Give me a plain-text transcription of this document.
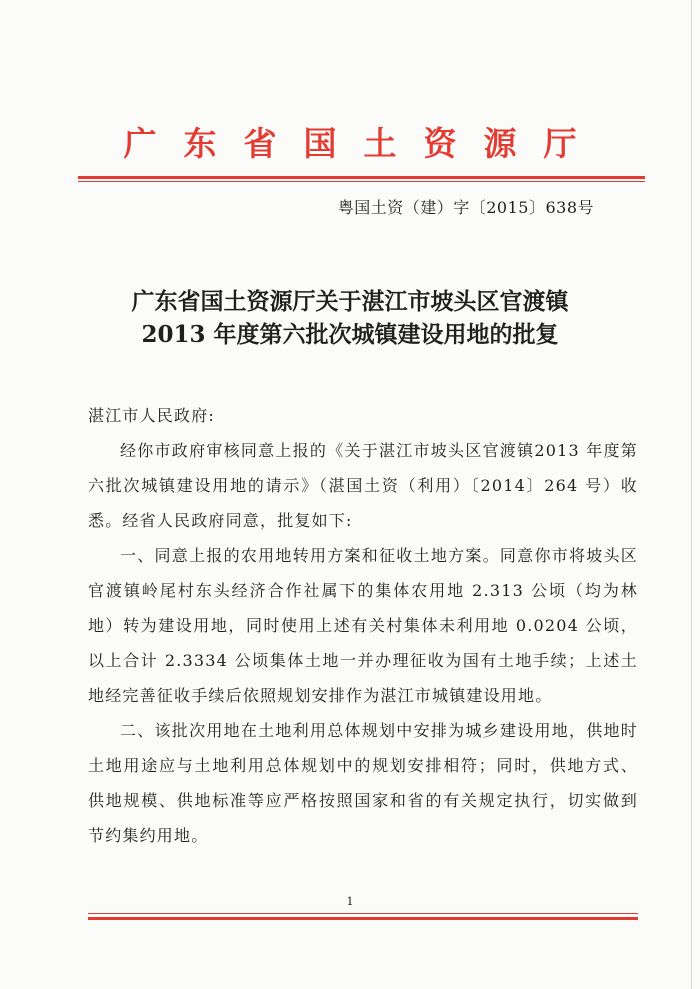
广东省国土资源厅
粤国土资（建）字〔2015〕638号
广东省国土资源厅关于湛江市坡头区官渡镇
2013 年度第六批次城镇建设用地的批复

湛江市人民政府:

经你市政府审核同意上报的《关于湛江市坡头区官渡镇2013 年度第六批次城镇建设用地的请示》（湛国土资（利用）〔2014〕264 号）收悉。经省人民政府同意，批复如下:

一、同意上报的农用地转用方案和征收土地方案。同意你市将坡头区官渡镇岭尾村东头经济合作社属下的集体农用地 2.313 公顷（均为林地）转为建设用地，同时使用上述有关村集体未利用地 0.0204 公顷，以上合计 2.3334 公顷集体土地一并办理征收为国有土地手续；上述土地经完善征收手续后依照规划安排作为湛江市城镇建设用地。

二、该批次用地在土地利用总体规划中安排为城乡建设用地，供地时土地用途应与土地利用总体规划中的规划安排相符；同时，供地方式、供地规模、供地标准等应严格按照国家和省的有关规定执行，切实做到节约集约用地。

1
